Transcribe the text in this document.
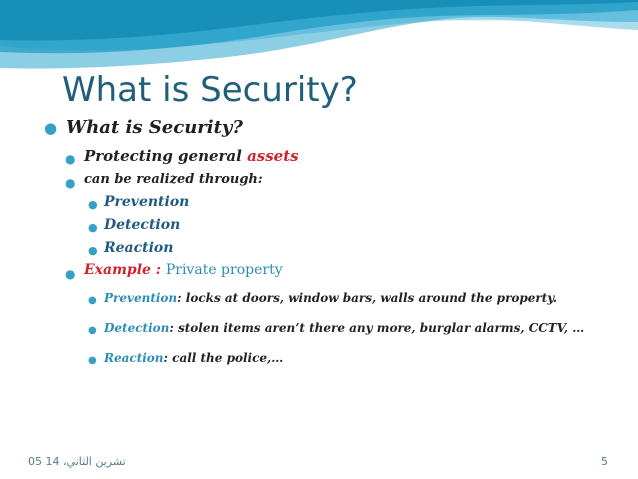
What is Security?
● What is Security?
● Protecting general assets
● can be realized through:
● Prevention
● Detection
● Reaction
● Example : Private property
● Prevention: locks at doors, window bars, walls around the property.
● Detection: stolen items aren’t there any more, burglar alarms, CCTV, …
● Reaction: call the police,…
05 تشرين الثاني، 14	5
